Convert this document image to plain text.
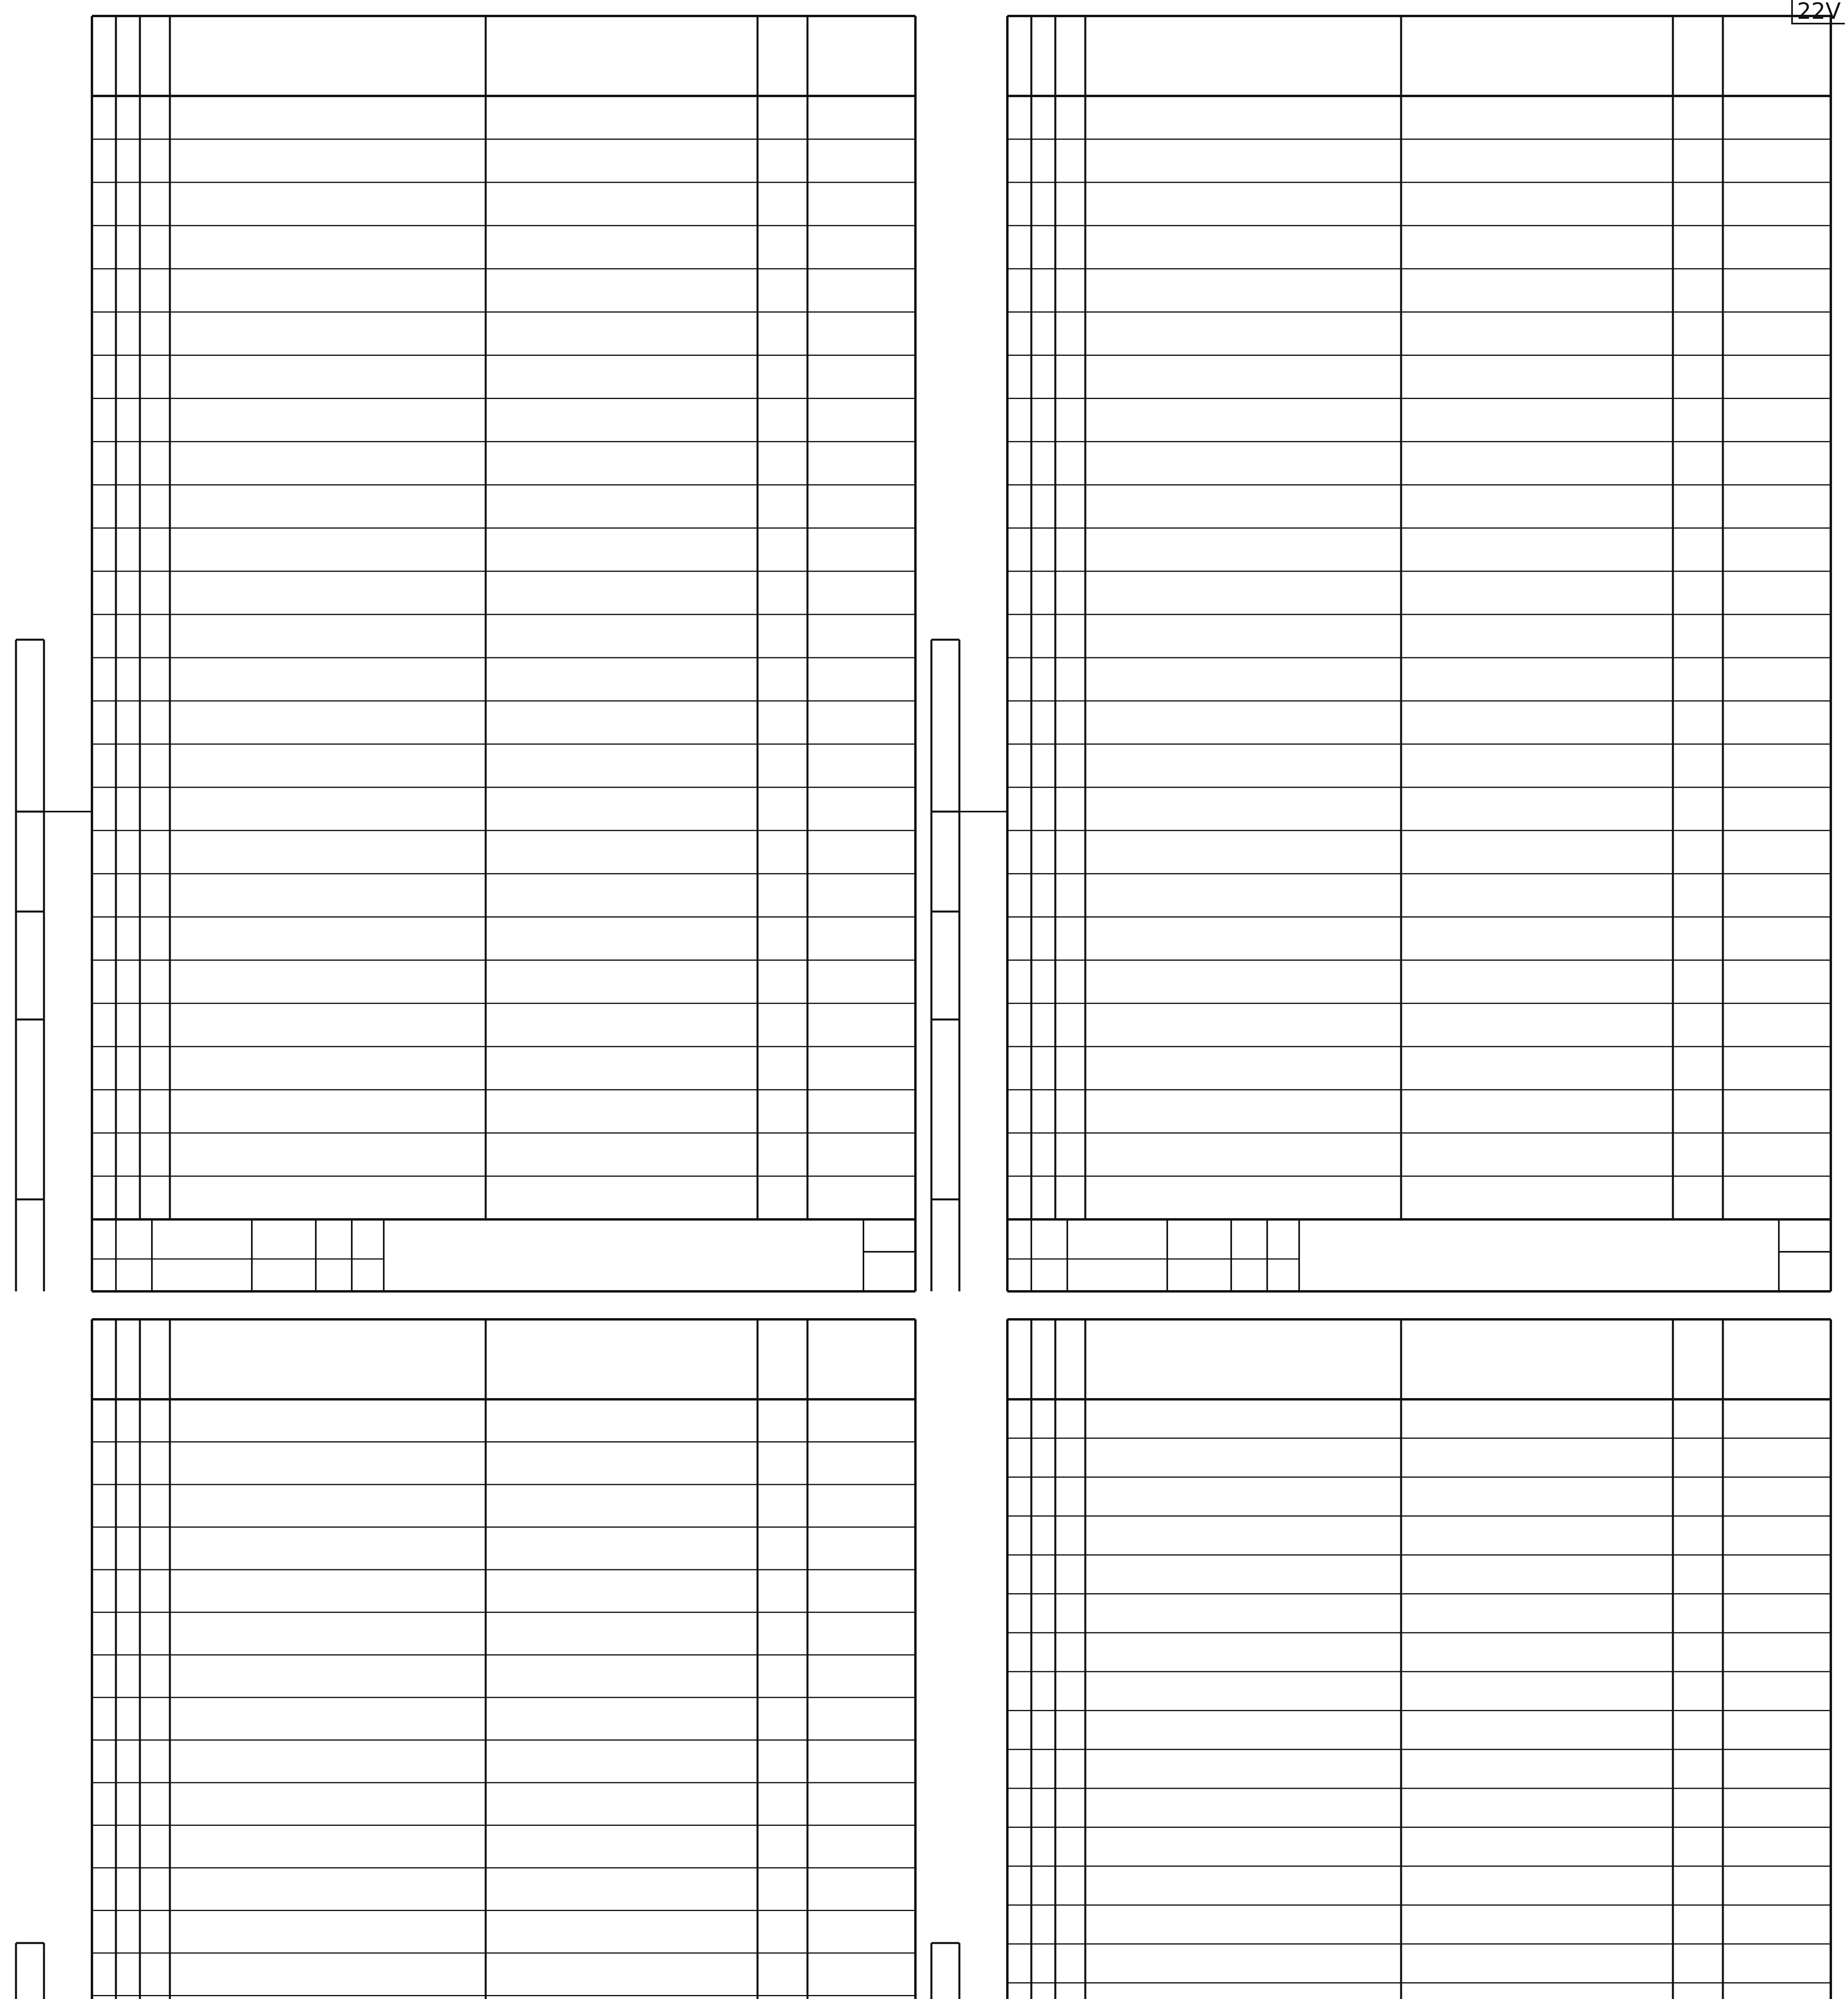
22V
